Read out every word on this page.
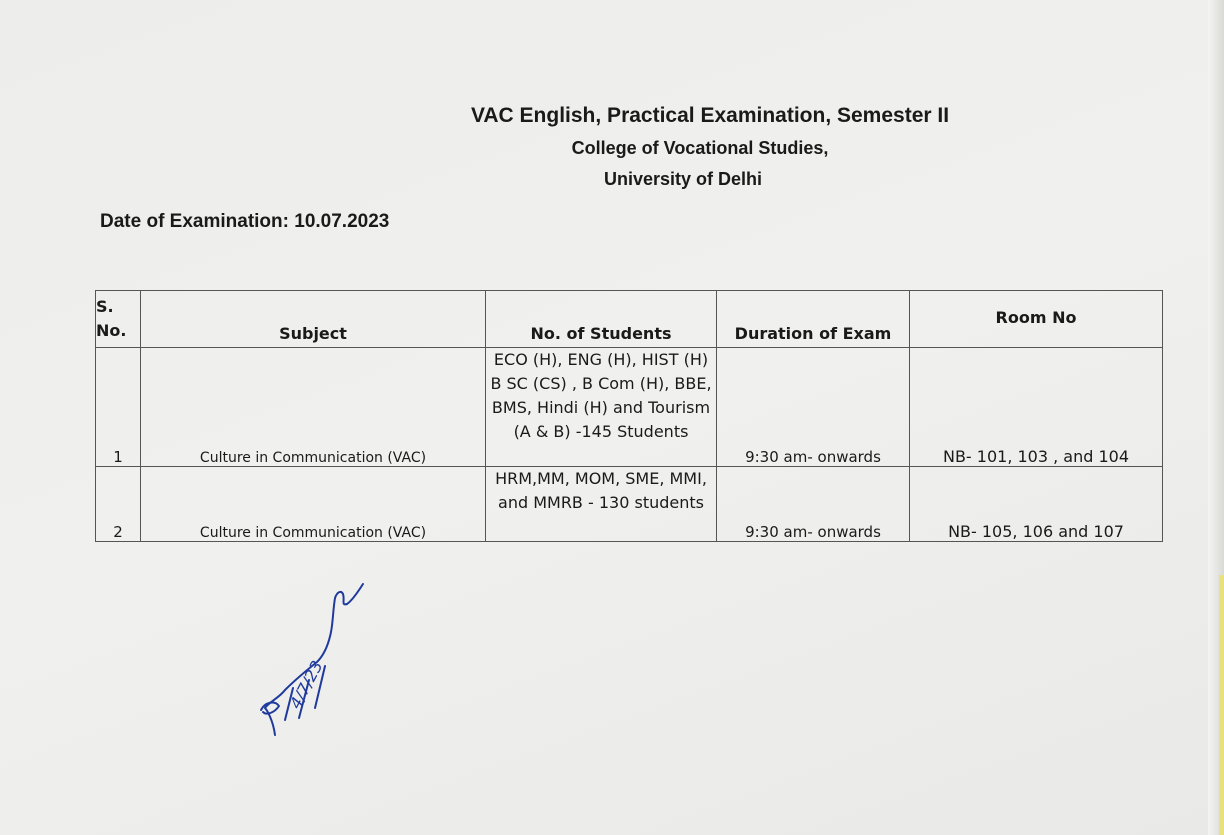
VAC English, Practical Examination, Semester II
College of Vocational Studies,
University of Delhi
Date of Examination: 10.07.2023
S. No.	Subject	No. of Students	Duration of Exam	Room No
1	Culture in Communication (VAC)	ECO (H), ENG (H), HIST (H) B SC (CS) , B Com (H), BBE, BMS, Hindi (H) and Tourism (A & B) -145 Students	9:30 am- onwards	NB- 101, 103 , and 104
2	Culture in Communication (VAC)	HRM,MM, MOM, SME, MMI, and MMRB - 130 students	9:30 am- onwards	NB- 105, 106 and 107
4/7/23
